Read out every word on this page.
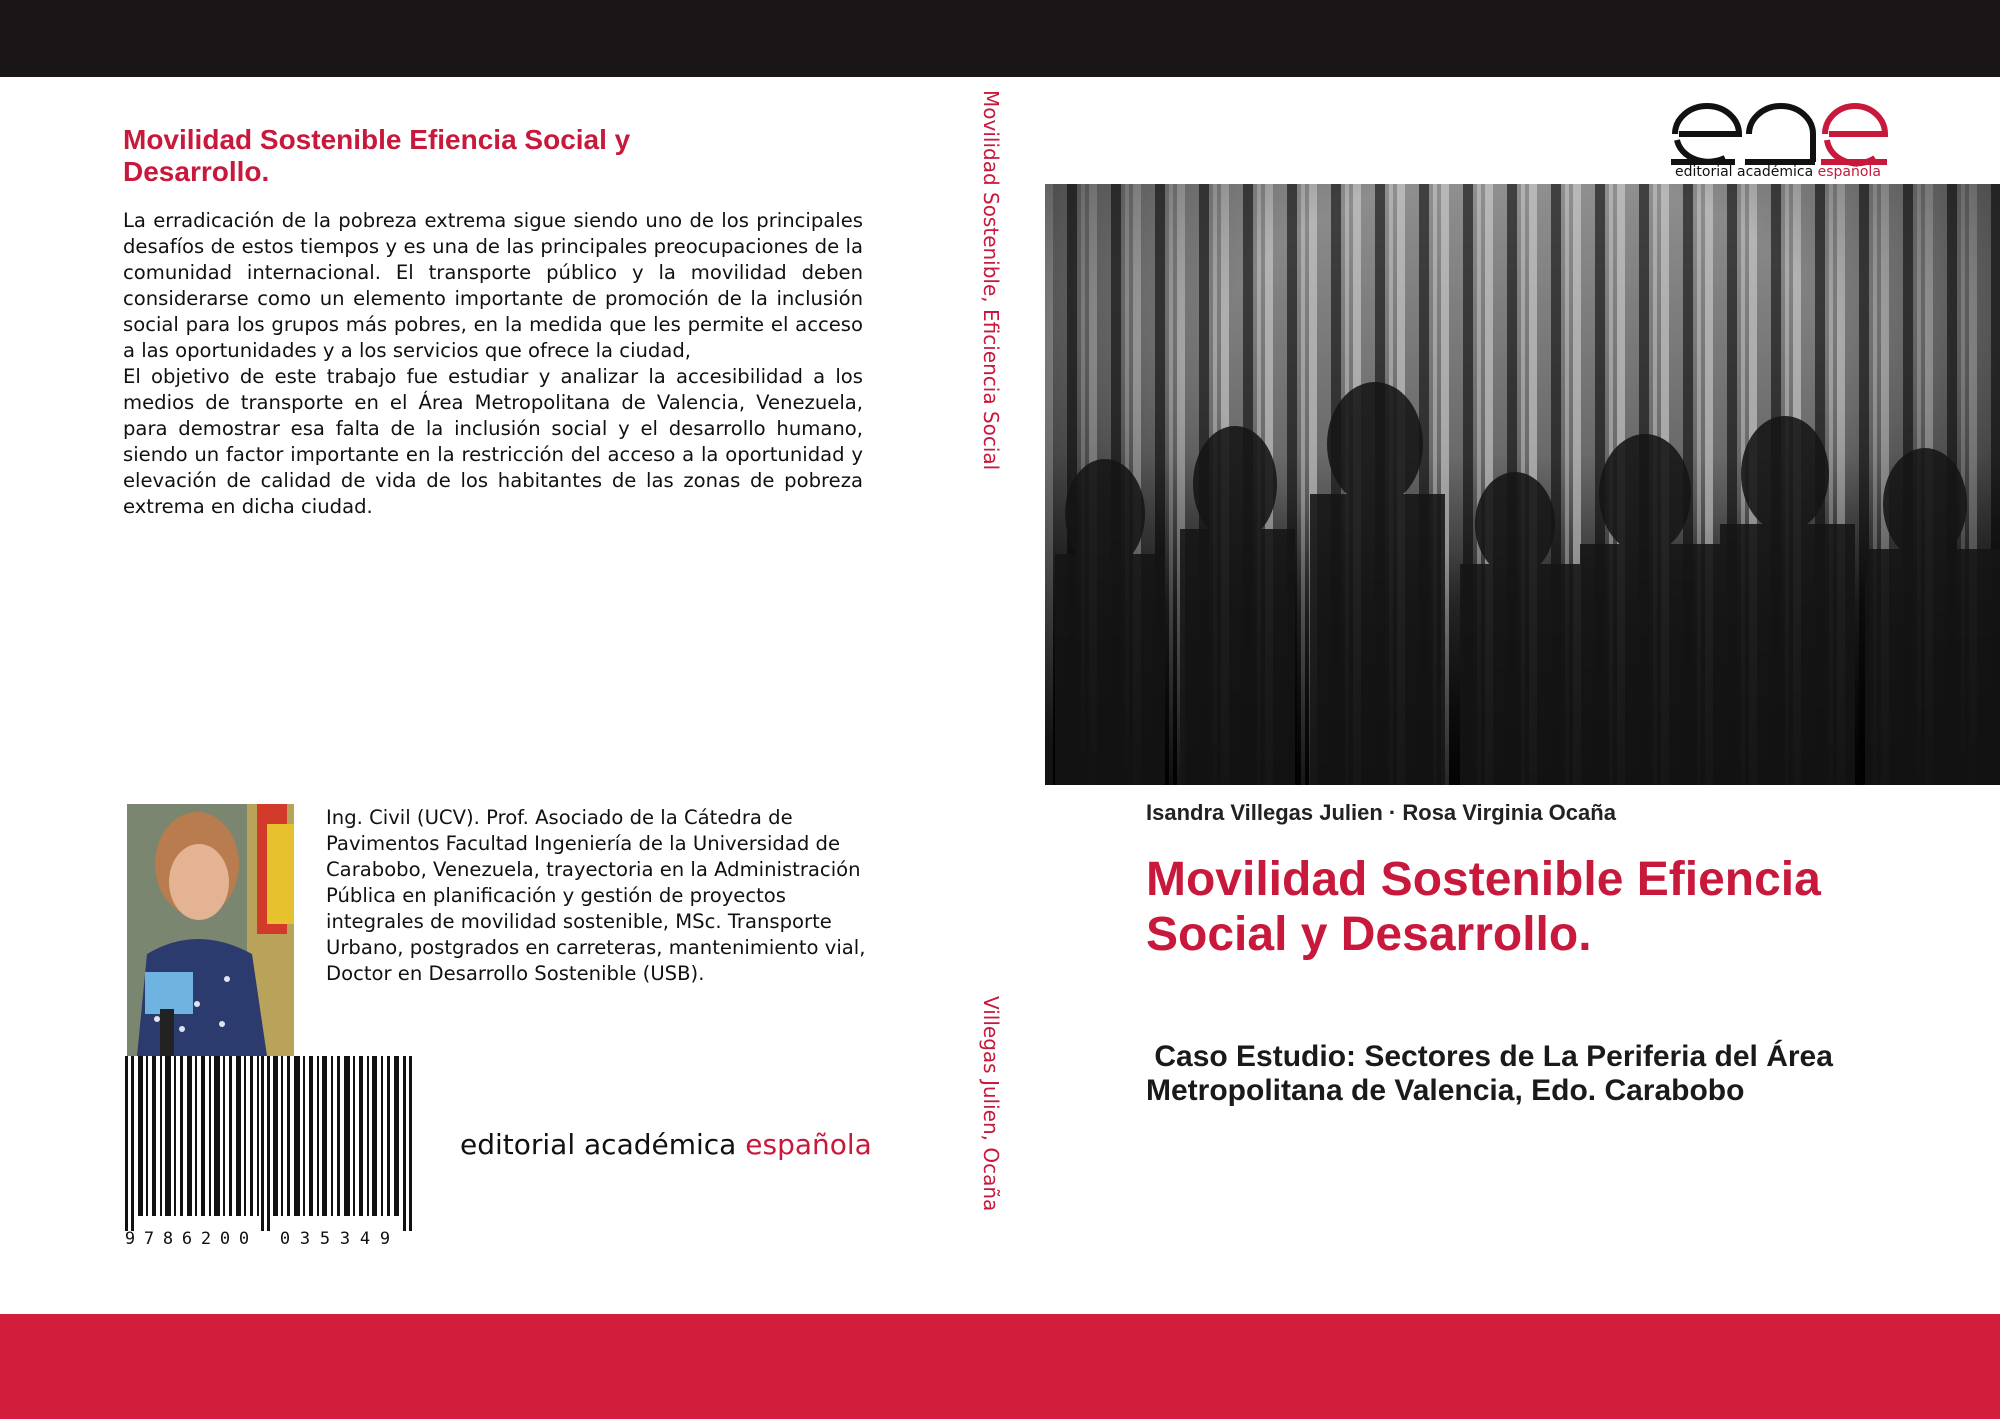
Movilidad Sostenible Efiencia Social y Desarrollo.

La erradicación de la pobreza extrema sigue siendo uno de los principales desafíos de estos tiempos y es una de las principales preocupaciones de la comunidad internacional. El transporte público y la movilidad deben considerarse como un elemento importante de promoción de la inclusión social para los grupos más pobres, en la medida que les permite el acceso a las oportunidades y a los servicios que ofrece la ciudad,

El objetivo de este trabajo fue estudiar y analizar la accesibilidad a los medios de transporte en el Área Metropolitana de Valencia, Venezuela, para demostrar esa falta de la inclusión social y el desarrollo humano, siendo un factor importante en la restricción del acceso a la oportunidad y elevación de calidad de vida de los habitantes de las zonas de pobreza extrema en dicha ciudad.

Ing. Civil (UCV). Prof. Asociado de la Cátedra de Pavimentos Facultad Ingeniería de la Universidad de Carabobo, Venezuela, trayectoria en la Administración Pública en planificación y gestión de proyectos integrales de movilidad sostenible, MSc. Transporte Urbano, postgrados en carreteras, mantenimiento vial, Doctor en Desarrollo Sostenible (USB).

9 7 8 6 2 0 0 0 3 5 3 4 9
editorial académica española
Movilidad Sostenible, Eficiencia Social
Villegas Julien, Ocaña
editorial académica española
Isandra Villegas Julien · Rosa Virginia Ocaña
Movilidad Sostenible Efiencia Social y Desarrollo.

Caso Estudio: Sectores de La Periferia del Área Metropolitana de Valencia, Edo. Carabobo
